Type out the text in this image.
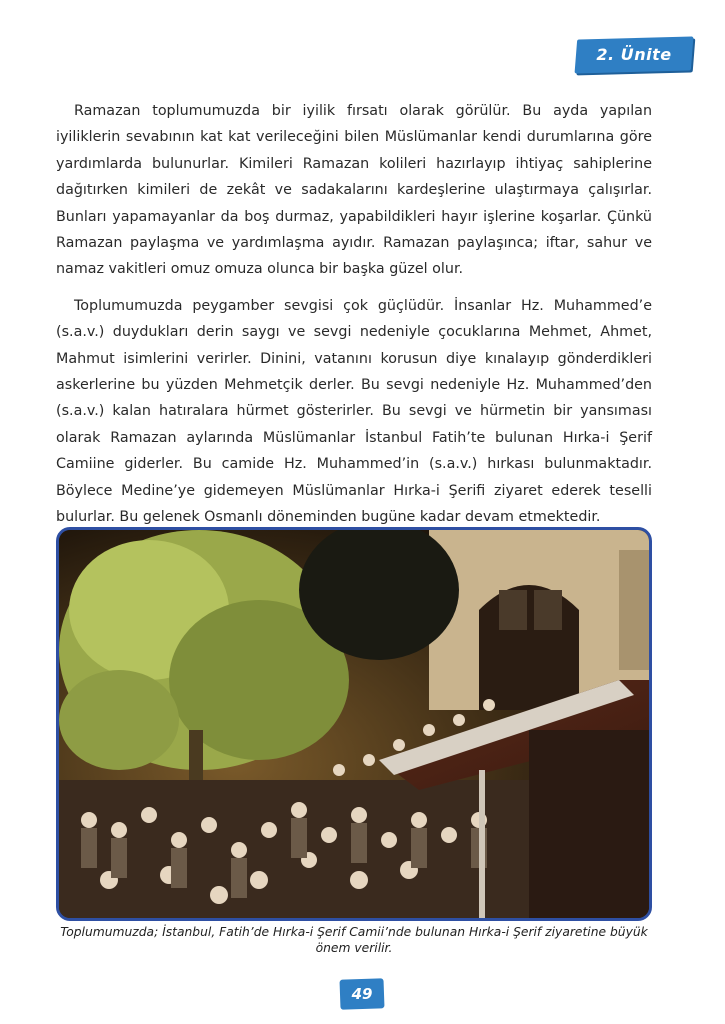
2. Ünite

Ramazan toplumumuzda bir iyilik fırsatı olarak görülür. Bu ayda yapılan iyiliklerin sevabının kat kat verileceğini bilen Müslümanlar kendi durumlarına göre yardımlarda bulunurlar. Kimileri Ramazan kolileri hazırlayıp ihtiyaç sahiplerine dağıtırken kimileri de zekât ve sadakalarını kardeşlerine ulaştırmaya çalışırlar. Bunları yapamayanlar da boş durmaz, yapabildikleri hayır işlerine koşarlar. Çünkü Ramazan paylaşma ve yardımlaşma ayıdır. Ramazan paylaşınca; iftar, sahur ve namaz vakitleri omuz omuza olunca bir başka güzel olur.

Toplumumuzda peygamber sevgisi çok güçlüdür. İnsanlar Hz. Muhammed’e (s.a.v.) duydukları derin saygı ve sevgi nedeniyle çocuklarına Mehmet, Ahmet, Mahmut isimlerini verirler. Dinini, vatanını korusun diye kınalayıp gönderdikleri askerlerine bu yüzden Mehmetçik derler. Bu sevgi nedeniyle Hz. Muhammed’den (s.a.v.) kalan hatıralara hürmet gösterirler. Bu sevgi ve hürmetin bir yansıması olarak Ramazan aylarında Müslümanlar İstanbul Fatih’te bulunan Hırka-i Şerif Camiine giderler. Bu camide Hz. Muhammed’in (s.a.v.) hırkası bulunmaktadır. Böylece Medine’ye gidemeyen Müslümanlar Hırka-i Şerifi ziyaret ederek teselli bulurlar. Bu gelenek Osmanlı döneminden bugüne kadar devam etmektedir.

Toplumumuzda; İstanbul, Fatih’de Hırka-i Şerif Camii’nde bulunan Hırka-i Şerif ziyaretine büyük önem verilir.
49
